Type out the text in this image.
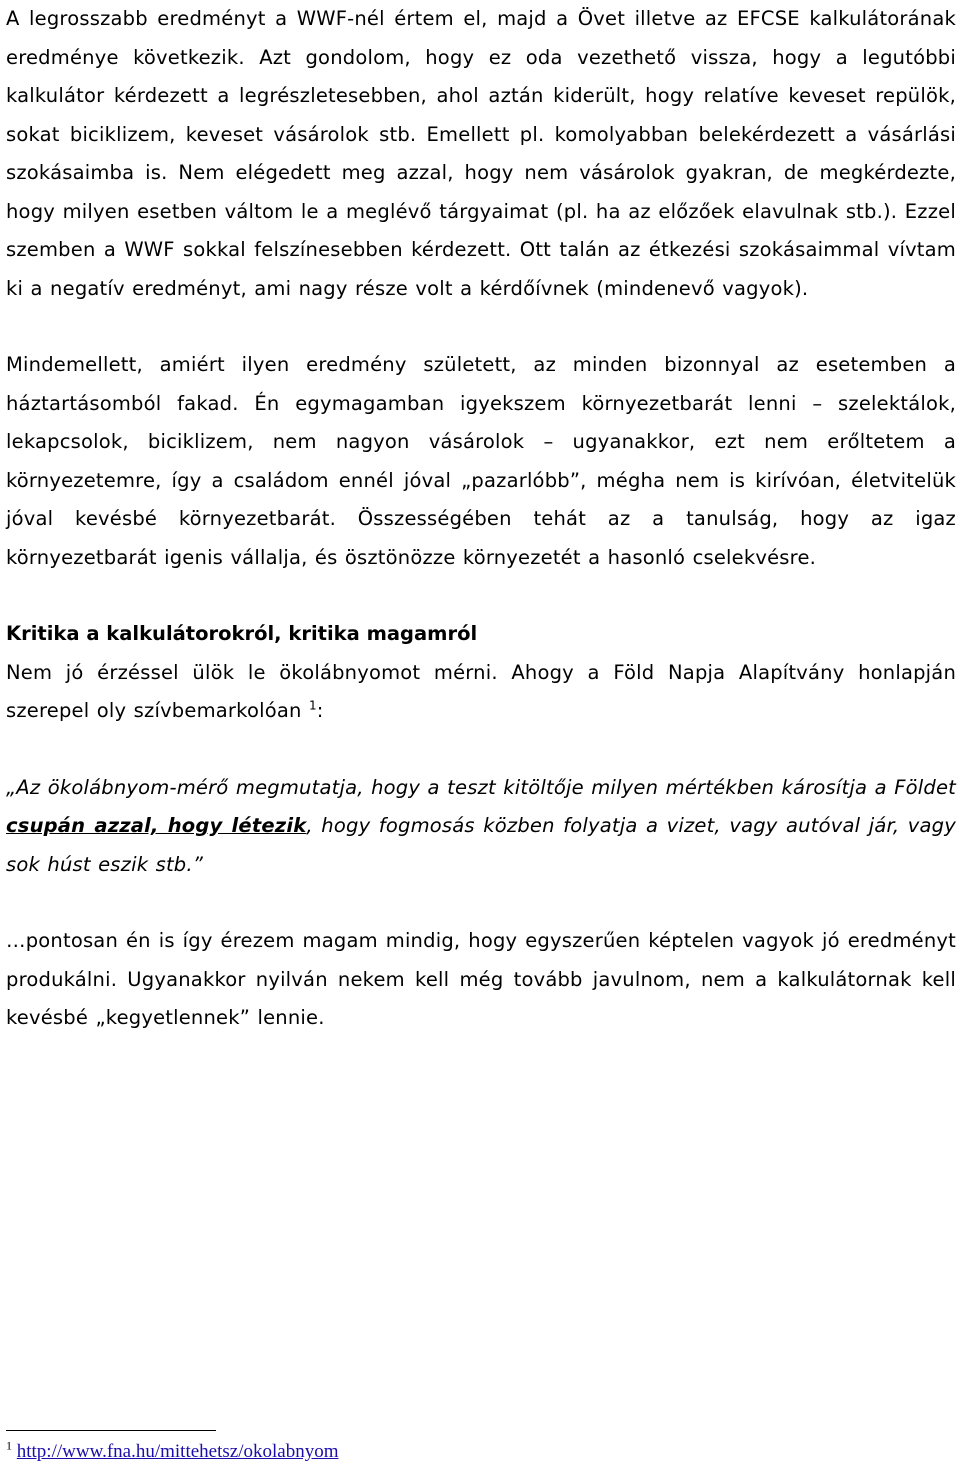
A legrosszabb eredményt a WWF-nél értem el, majd a Övet illetve az EFCSE kalkulátorának eredménye következik. Azt gondolom, hogy ez oda vezethető vissza, hogy a legutóbbi kalkulátor kérdezett a legrészletesebben, ahol aztán kiderült, hogy relatíve keveset repülök, sokat biciklizem, keveset vásárolok stb. Emellett pl. komolyabban belekérdezett a vásárlási szokásaimba is. Nem elégedett meg azzal, hogy nem vásárolok gyakran, de megkérdezte, hogy milyen esetben váltom le a meglévő tárgyaimat (pl. ha az előzőek elavulnak stb.). Ezzel szemben a WWF sokkal felszínesebben kérdezett. Ott talán az étkezési szokásaimmal vívtam ki a negatív eredményt, ami nagy része volt a kérdőívnek (mindenevő vagyok).

Mindemellett, amiért ilyen eredmény született, az minden bizonnyal az esetemben a háztartásomból fakad. Én egymagamban igyekszem környezetbarát lenni – szelektálok, lekapcsolok, biciklizem, nem nagyon vásárolok – ugyanakkor, ezt nem erőltetem a környezetemre, így a családom ennél jóval „pazarlóbb”, mégha nem is kirívóan, életvitelük jóval kevésbé környezetbarát. Összességében tehát az a tanulság, hogy az igaz környezetbarát igenis vállalja, és ösztönözze környezetét a hasonló cselekvésre.

Kritika a kalkulátorokról, kritika magamról

Nem jó érzéssel ülök le ökolábnyomot mérni. Ahogy a Föld Napja Alapítvány honlapján szerepel oly szívbemarkolóan $^1$:

„Az ökolábnyom-mérő megmutatja, hogy a teszt kitöltője milyen mértékben károsítja a Földet csupán azzal, hogy létezik, hogy fogmosás közben folyatja a vizet, vagy autóval jár, vagy sok húst eszik stb.”

…pontosan én is így érezem magam mindig, hogy egyszerűen képtelen vagyok jó eredményt produkálni. Ugyanakkor nyilván nekem kell még tovább javulnom, nem a kalkulátornak kell kevésbé „kegyetlennek” lennie.

$^1$ http://www.fna.hu/mittehetsz/okolabnyom
